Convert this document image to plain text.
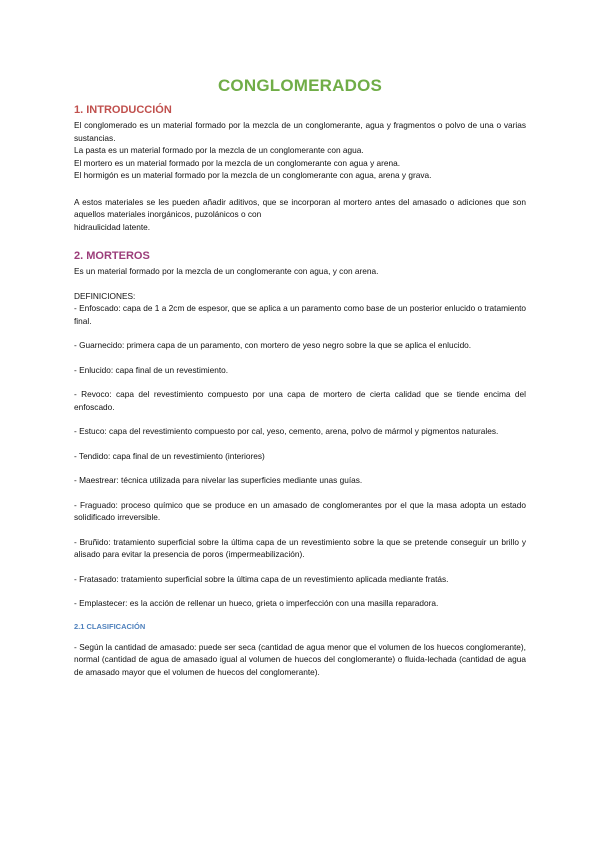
CONGLOMERADOS
1. INTRODUCCIÓN

El conglomerado es un material formado por la mezcla de un conglomerante, agua y fragmentos o polvo de una o varias sustancias.

La pasta es un material formado por la mezcla de un conglomerante con agua.

El mortero es un material formado por la mezcla de un conglomerante con agua y arena.

El hormigón es un material formado por la mezcla de un conglomerante con agua, arena y grava.

A estos materiales se les pueden añadir aditivos, que se incorporan al mortero antes del amasado o adiciones que son aquellos materiales inorgánicos, puzolánicos o con

hidraulicidad latente.

2. MORTEROS

Es un material formado por la mezcla de un conglomerante con agua, y con arena.

DEFINICIONES:

- Enfoscado: capa de 1 a 2cm de espesor, que se aplica a un paramento como base de un posterior enlucido o tratamiento final.

- Guarnecido: primera capa de un paramento, con mortero de yeso negro sobre la que se aplica el enlucido.

- Enlucido: capa final de un revestimiento.

- Revoco: capa del revestimiento compuesto por una capa de mortero de cierta calidad que se tiende encima del enfoscado.

- Estuco: capa del revestimiento compuesto por cal, yeso, cemento, arena, polvo de mármol y pigmentos naturales.

- Tendido: capa final de un revestimiento (interiores)

- Maestrear: técnica utilizada para nivelar las superficies mediante unas guías.

- Fraguado: proceso químico que se produce en un amasado de conglomerantes por el que la masa adopta un estado solidificado irreversible.

- Bruñido: tratamiento superficial sobre la última capa de un revestimiento sobre la que se pretende conseguir un brillo y alisado para evitar la presencia de poros (impermeabilización).

- Fratasado: tratamiento superficial sobre la última capa de un revestimiento aplicada mediante fratás.

- Emplastecer: es la acción de rellenar un hueco, grieta o imperfección con una masilla reparadora.

2.1 CLASIFICACIÓN

- Según la cantidad de amasado: puede ser seca (cantidad de agua menor que el volumen de los huecos conglomerante), normal (cantidad de agua de amasado igual al volumen de huecos del conglomerante) o fluida-lechada (cantidad de agua de amasado mayor que el volumen de huecos del conglomerante).
